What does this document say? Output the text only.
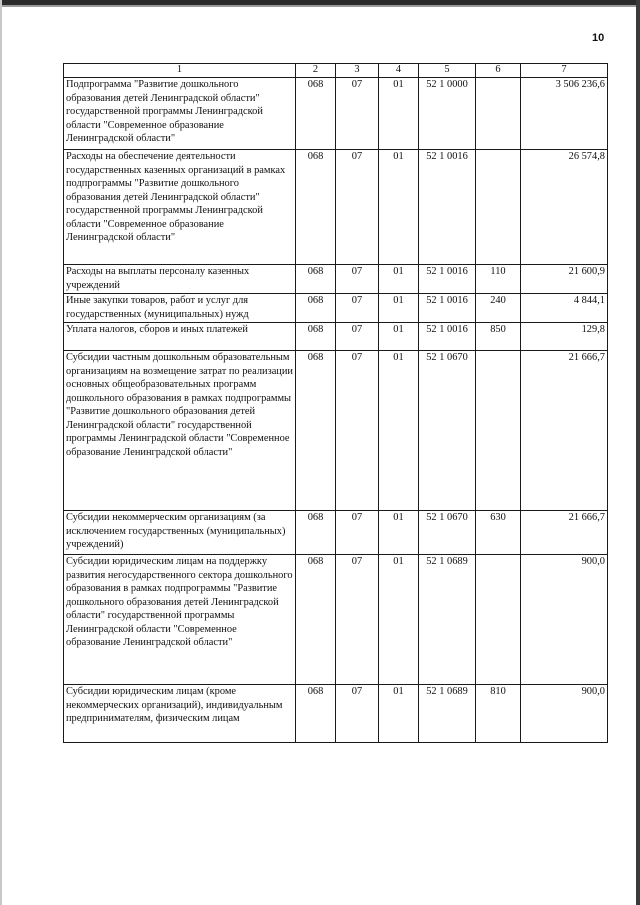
10
1	2	3	4	5	6	7
Подпрограмма "Развитие дошкольного образования детей Ленинградской области" государственной программы Ленинградской области "Современное образование Ленинградской области"	068	07	01	52 1 0000		3 506 236,6
Расходы на обеспечение деятельности государственных казенных организаций в рамках подпрограммы "Развитие дошкольного образования детей Ленинградской области" государственной программы Ленинградской области "Современное образование Ленинградской области"	068	07	01	52 1 0016		26 574,8
Расходы на выплаты персоналу казенных учреждений	068	07	01	52 1 0016	110	21 600,9
Иные закупки товаров, работ и услуг для государственных (муниципальных) нужд	068	07	01	52 1 0016	240	4 844,1
Уплата налогов, сборов и иных платежей	068	07	01	52 1 0016	850	129,8
Субсидии частным дошкольным образовательным организациям на возмещение затрат по реализации основных общеобразовательных программ дошкольного образования в рамках подпрограммы "Развитие дошкольного образования детей Ленинградской области" государственной программы Ленинградской области "Современное образование Ленинградской области"	068	07	01	52 1 0670		21 666,7
Субсидии некоммерческим организациям (за исключением государственных (муниципальных) учреждений)	068	07	01	52 1 0670	630	21 666,7
Субсидии юридическим лицам на поддержку развития негосударственного сектора дошкольного образования в рамках подпрограммы "Развитие дошкольного образования детей Ленинградской области" государственной программы Ленинградской области "Современное образование Ленинградской области"	068	07	01	52 1 0689		900,0
Субсидии юридическим лицам (кроме некоммерческих организаций), индивидуальным предпринимателям, физическим лицам	068	07	01	52 1 0689	810	900,0
